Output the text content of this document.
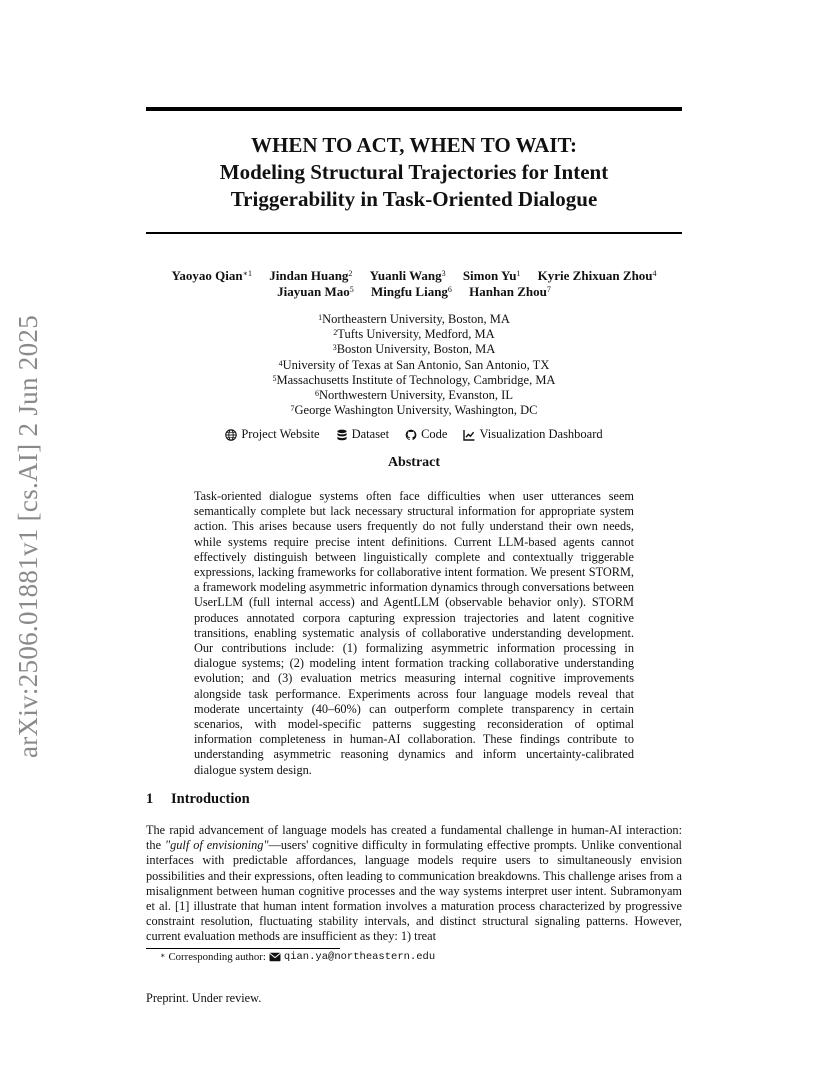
arXiv:2506.01881v1 [cs.AI] 2 Jun 2025
WHEN TO ACT, WHEN TO WAIT:
Modeling Structural Trajectories for Intent
Triggerability in Task-Oriented Dialogue
Yaoyao Qian$^{∗1}$ Jindan Huang$^2$ Yuanli Wang$^3$ Simon Yu$^1$ Kyrie Zhixuan Zhou$^4$
Jiayuan Mao$^5$ Mingfu Liang$^6$ Hanhan Zhou$^7$
$^1$Northeastern University, Boston, MA
$^2$Tufts University, Medford, MA
$^3$Boston University, Boston, MA
$^4$University of Texas at San Antonio, San Antonio, TX
$^5$Massachusetts Institute of Technology, Cambridge, MA
$^6$Northwestern University, Evanston, IL
$^7$George Washington University, Washington, DC
Project Website	Dataset	Code	Visualization Dashboard
Abstract
Task-oriented dialogue systems often face difficulties when user utterances seem semantically complete but lack necessary structural information for appropriate system action. This arises because users frequently do not fully understand their own needs, while systems require precise intent definitions. Current LLM-based agents cannot effectively distinguish between linguistically complete and contextually triggerable expressions, lacking frameworks for collaborative intent formation. We present STORM, a framework modeling asymmetric information dynamics through conversations between UserLLM (full internal access) and AgentLLM (observable behavior only). STORM produces annotated corpora capturing expression trajectories and latent cognitive transitions, enabling systematic analysis of collaborative understanding development. Our contributions include: (1) formalizing asymmetric information processing in dialogue systems; (2) modeling intent formation tracking collaborative understanding evolution; and (3) evaluation metrics measuring internal cognitive improvements alongside task performance. Experiments across four language models reveal that moderate uncertainty (40–60%) can outperform complete transparency in certain scenarios, with model-specific patterns suggesting reconsideration of optimal information completeness in human-AI collaboration. These findings contribute to understanding asymmetric reasoning dynamics and inform uncertainty-calibrated dialogue system design.
1 Introduction
The rapid advancement of language models has created a fundamental challenge in human-AI interaction: the "gulf of envisioning"—users' cognitive difficulty in formulating effective prompts. Unlike conventional interfaces with predictable affordances, language models require users to simultaneously envision possibilities and their expressions, often leading to communication breakdowns. This challenge arises from a misalignment between human cognitive processes and the way systems interpret user intent. Subramonyam et al. [1] illustrate that human intent formation involves a maturation process characterized by progressive constraint resolution, fluctuating stability intervals, and distinct structural signaling patterns. However, current evaluation methods are insufficient as they: 1) treat
∗ Corresponding author: qian.ya@northeastern.edu
Preprint. Under review.
